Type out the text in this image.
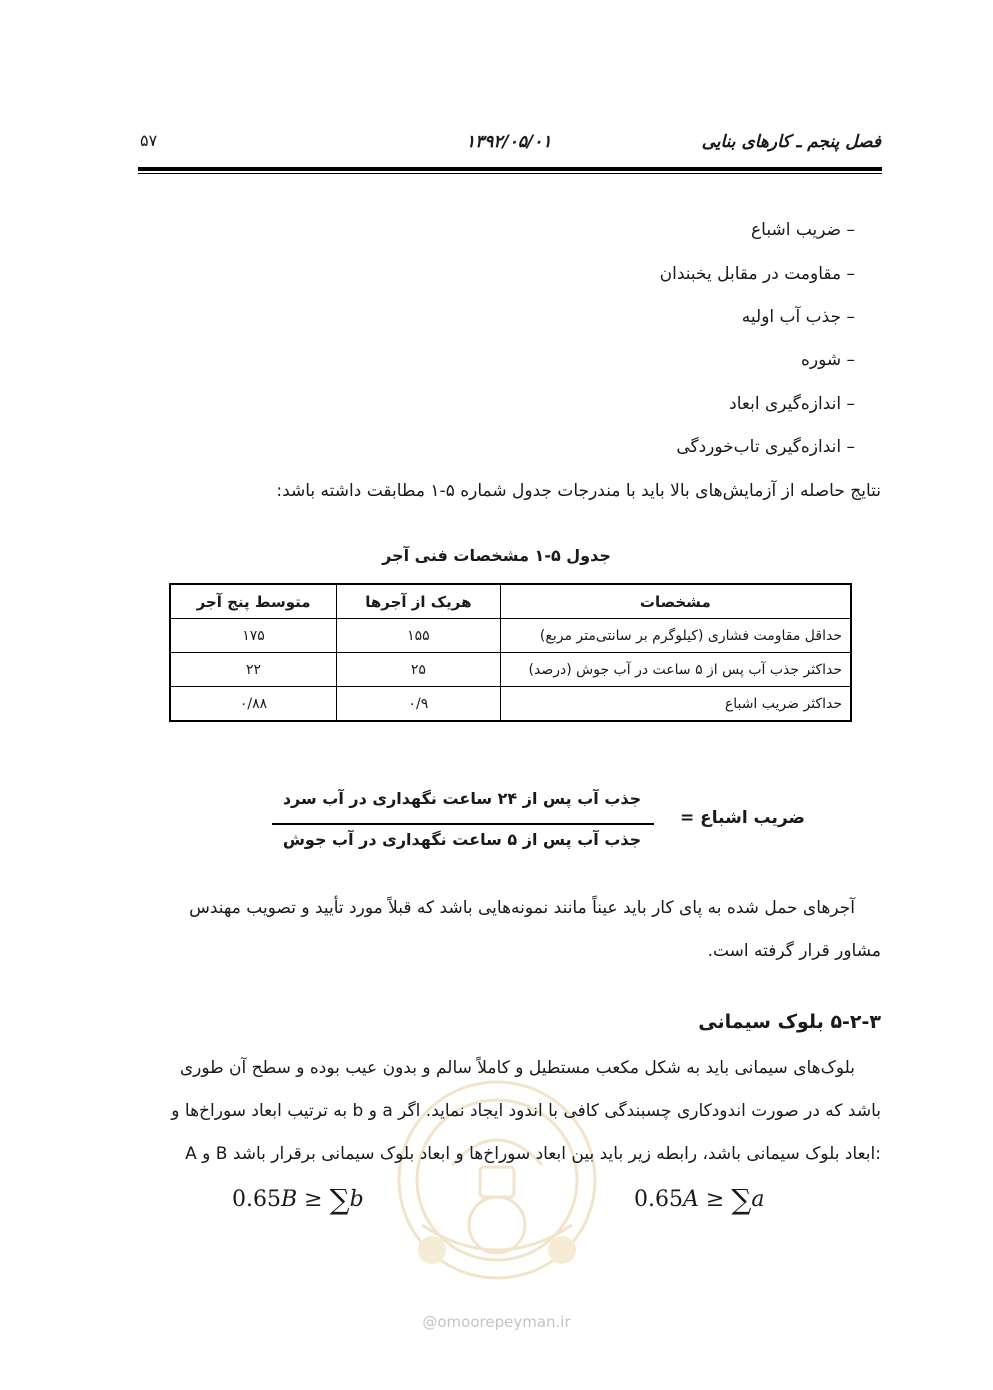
فصل پنجم ـ کارهای بنایی
۱۳۹۲/۰۵/۰۱
۵۷
– ضریب اشباع
– مقاومت در مقابل یخبندان
– جذب آب اولیه
– شوره
– اندازه‌گیری ابعاد
– اندازه‌گیری تاب‌خوردگی
نتایج حاصله از آزمایش‌های بالا باید با مندرجات جدول شماره ۵-۱ مطابقت داشته باشد:
جدول ۵-۱ مشخصات فنی آجر
مشخصات	هریک از آجرها	متوسط پنج آجر
حداقل مقاومت فشاری (کیلوگرم بر سانتی‌متر مربع)	۱۵۵	۱۷۵
حداکثر جذب آب پس از ۵ ساعت در آب جوش (درصد)	۲۵	۲۲
حداکثر ضریب اشباع	۰/۹	۰/۸۸
ضریب اشباع =
جذب آب پس از ۲۴ ساعت نگهداری در آب سرد
جذب آب پس از ۵ ساعت نگهداری در آب جوش
آجرهای حمل شده به پای کار باید عیناً مانند نمونه‌هایی باشد که قبلاً مورد تأیید و تصویب مهندس
مشاور قرار گرفته است.
۵-۲-۳ بلوک سیمانی
@omoorepeyman.ir
بلوک‌های سیمانی باید به شکل مکعب مستطیل و کاملاً سالم و بدون عیب بوده و سطح آن طوری
باشد که در صورت اندودکاری چسبندگی کافی با اندود ایجاد نماید. اگر a و b به ترتیب ابعاد سوراخ‌ها و
A و B ابعاد بلوک سیمانی باشد، رابطه زیر باید بین ابعاد سوراخ‌ها و ابعاد بلوک سیمانی برقرار باشد:
0.65A ≥ ∑a
0.65B ≥ ∑b
